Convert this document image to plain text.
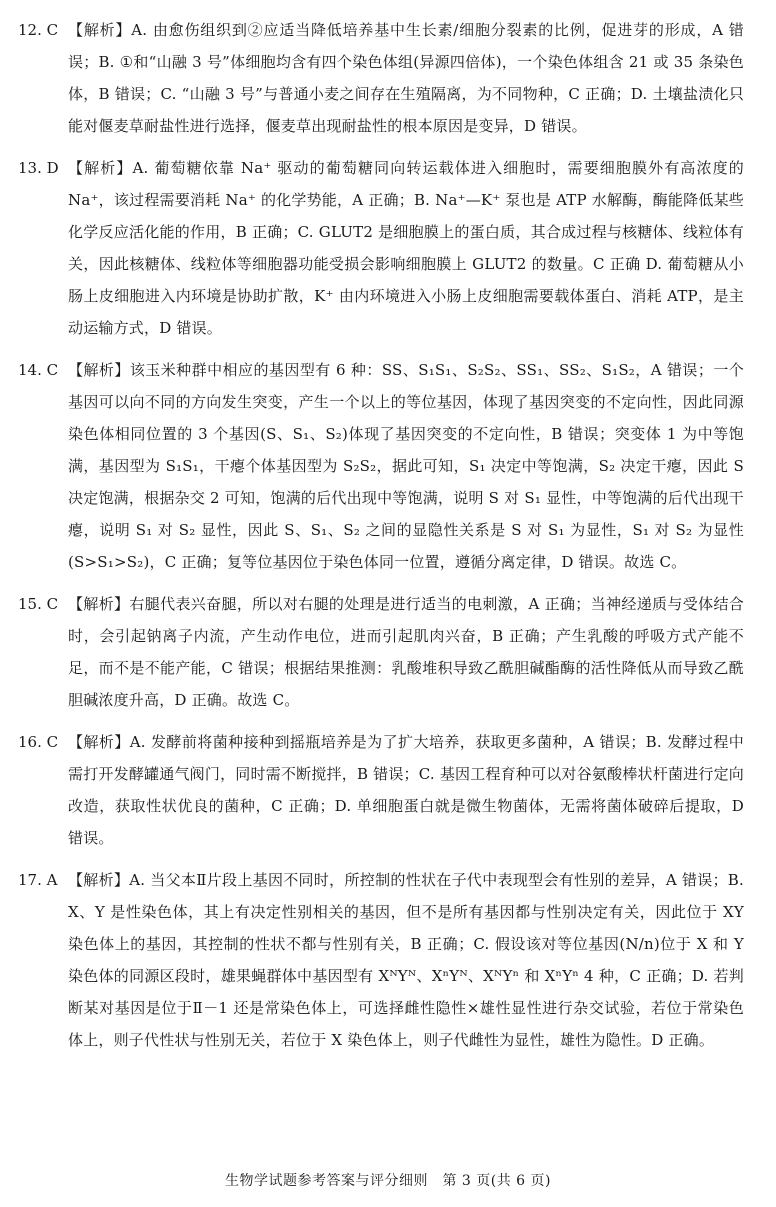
12. C 【解析】A. 由愈伤组织到②应适当降低培养基中生长素/细胞分裂素的比例，促进芽的形成，A 错误；B. ①和“山融 3 号”体细胞均含有四个染色体组(异源四倍体)，一个染色体组含 21 或 35 条染色体，B 错误；C. “山融 3 号”与普通小麦之间存在生殖隔离，为不同物种，C 正确；D. 土壤盐渍化只能对偃麦草耐盐性进行选择，偃麦草出现耐盐性的根本原因是变异，D 错误。
13. D 【解析】A. 葡萄糖依靠 Na⁺ 驱动的葡萄糖同向转运载体进入细胞时，需要细胞膜外有高浓度的 Na⁺，该过程需要消耗 Na⁺ 的化学势能，A 正确；B. Na⁺—K⁺ 泵也是 ATP 水解酶，酶能降低某些化学反应活化能的作用，B 正确；C. GLUT2 是细胞膜上的蛋白质，其合成过程与核糖体、线粒体有关，因此核糖体、线粒体等细胞器功能受损会影响细胞膜上 GLUT2 的数量。C 正确 D. 葡萄糖从小肠上皮细胞进入内环境是协助扩散，K⁺ 由内环境进入小肠上皮细胞需要载体蛋白、消耗 ATP，是主动运输方式，D 错误。
14. C 【解析】该玉米种群中相应的基因型有 6 种：SS、S₁S₁、S₂S₂、SS₁、SS₂、S₁S₂，A 错误；一个基因可以向不同的方向发生突变，产生一个以上的等位基因，体现了基因突变的不定向性，因此同源染色体相同位置的 3 个基因(S、S₁、S₂)体现了基因突变的不定向性，B 错误；突变体 1 为中等饱满，基因型为 S₁S₁，干瘪个体基因型为 S₂S₂，据此可知，S₁ 决定中等饱满，S₂ 决定干瘪，因此 S 决定饱满，根据杂交 2 可知，饱满的后代出现中等饱满，说明 S 对 S₁ 显性，中等饱满的后代出现干瘪，说明 S₁ 对 S₂ 显性，因此 S、S₁、S₂ 之间的显隐性关系是 S 对 S₁ 为显性，S₁ 对 S₂ 为显性(S>S₁>S₂)，C 正确；复等位基因位于染色体同一位置，遵循分离定律，D 错误。故选 C。
15. C 【解析】右腿代表兴奋腿，所以对右腿的处理是进行适当的电刺激，A 正确；当神经递质与受体结合时，会引起钠离子内流，产生动作电位，进而引起肌肉兴奋，B 正确；产生乳酸的呼吸方式产能不足，而不是不能产能，C 错误；根据结果推测：乳酸堆积导致乙酰胆碱酯酶的活性降低从而导致乙酰胆碱浓度升高，D 正确。故选 C。
16. C 【解析】A. 发酵前将菌种接种到摇瓶培养是为了扩大培养，获取更多菌种，A 错误；B. 发酵过程中需打开发酵罐通气阀门，同时需不断搅拌，B 错误；C. 基因工程育种可以对谷氨酸棒状杆菌进行定向改造，获取性状优良的菌种，C 正确；D. 单细胞蛋白就是微生物菌体，无需将菌体破碎后提取，D 错误。
17. A 【解析】A. 当父本Ⅱ片段上基因不同时，所控制的性状在子代中表现型会有性别的差异，A 错误；B. X、Y 是性染色体，其上有决定性别相关的基因，但不是所有基因都与性别决定有关，因此位于 XY 染色体上的基因，其控制的性状不都与性别有关，B 正确；C. 假设该对等位基因(N/n)位于 X 和 Y 染色体的同源区段时，雄果蝇群体中基因型有 XᴺYᴺ、XⁿYᴺ、XᴺYⁿ 和 XⁿYⁿ 4 种，C 正确；D. 若判断某对基因是位于Ⅱ－1 还是常染色体上，可选择雌性隐性×雄性显性进行杂交试验，若位于常染色体上，则子代性状与性别无关，若位于 X 染色体上，则子代雌性为显性，雄性为隐性。D 正确。
生物学试题参考答案与评分细则　第 3 页(共 6 页)
